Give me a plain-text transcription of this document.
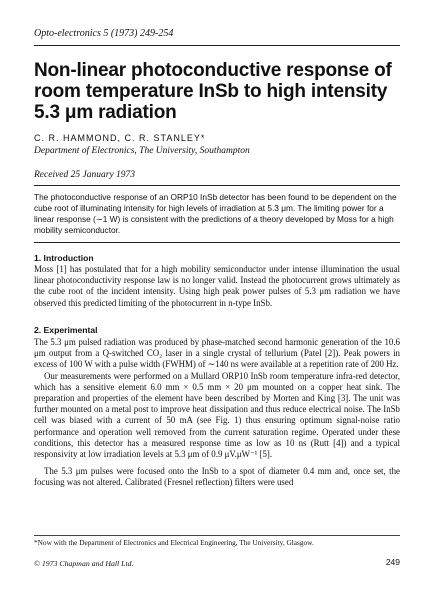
Opto-electronics 5 (1973) 249-254
Non-linear photoconductive response of room temperature InSb to high intensity 5.3 μm radiation
C. R. HAMMOND, C. R. STANLEY*
Department of Electronics, The University, Southampton
Received 25 January 1973
The photoconductive response of an ORP10 InSb detector has been found to be dependent on the cube root of illuminating intensity for high levels of irradiation at 5.3 μm. The limiting power for a linear response (∼1 W) is consistent with the predictions of a theory developed by Moss for a high mobility semiconductor.
1. Introduction

Moss [1] has postulated that for a high mobility semiconductor under intense illumination the usual linear photoconductivity response law is no longer valid. Instead the photocurrent grows ultimately as the cube root of the incident intensity. Using high peak power pulses of 5.3 μm radiation we have observed this predicted limiting of the photocurrent in n-type InSb.

2. Experimental

The 5.3 μm pulsed radiation was produced by phase-matched second harmonic generation of the 10.6 μm output from a Q-switched CO₂ laser in a single crystal of tellurium (Patel [2]). Peak powers in excess of 100 W with a pulse width (FWHM) of ∼140 ns were available at a repetition rate of 200 Hz.

Our measurements were performed on a Mullard ORP10 InSb room temperature infra-red detector, which has a sensitive element 6.0 mm × 0.5 mm × 20 μm mounted on a copper heat sink. The preparation and properties of the element have been described by Morten and King [3]. The unit was further mounted on a metal post to improve heat dissipation and thus reduce electrical noise. The InSb cell was biased with a current of 50 mA (see Fig. 1) thus ensuring optimum signal-noise ratio performance and operation well removed from the current saturation regime. Operated under these conditions, this detector has a measured response time as low as 10 ns (Rutt [4]) and a typical responsivity at low irradiation levels at 5.3 μm of 0.9 μV.μW⁻¹ [5].

The 5.3 μm pulses were focused onto the InSb to a spot of diameter 0.4 mm and, once set, the focusing was not altered. Calibrated (Fresnel reflection) filters were used

*Now with the Department of Electronics and Electrical Engineering, The University, Glasgow.
© 1973 Chapman and Hall Ltd.	249
